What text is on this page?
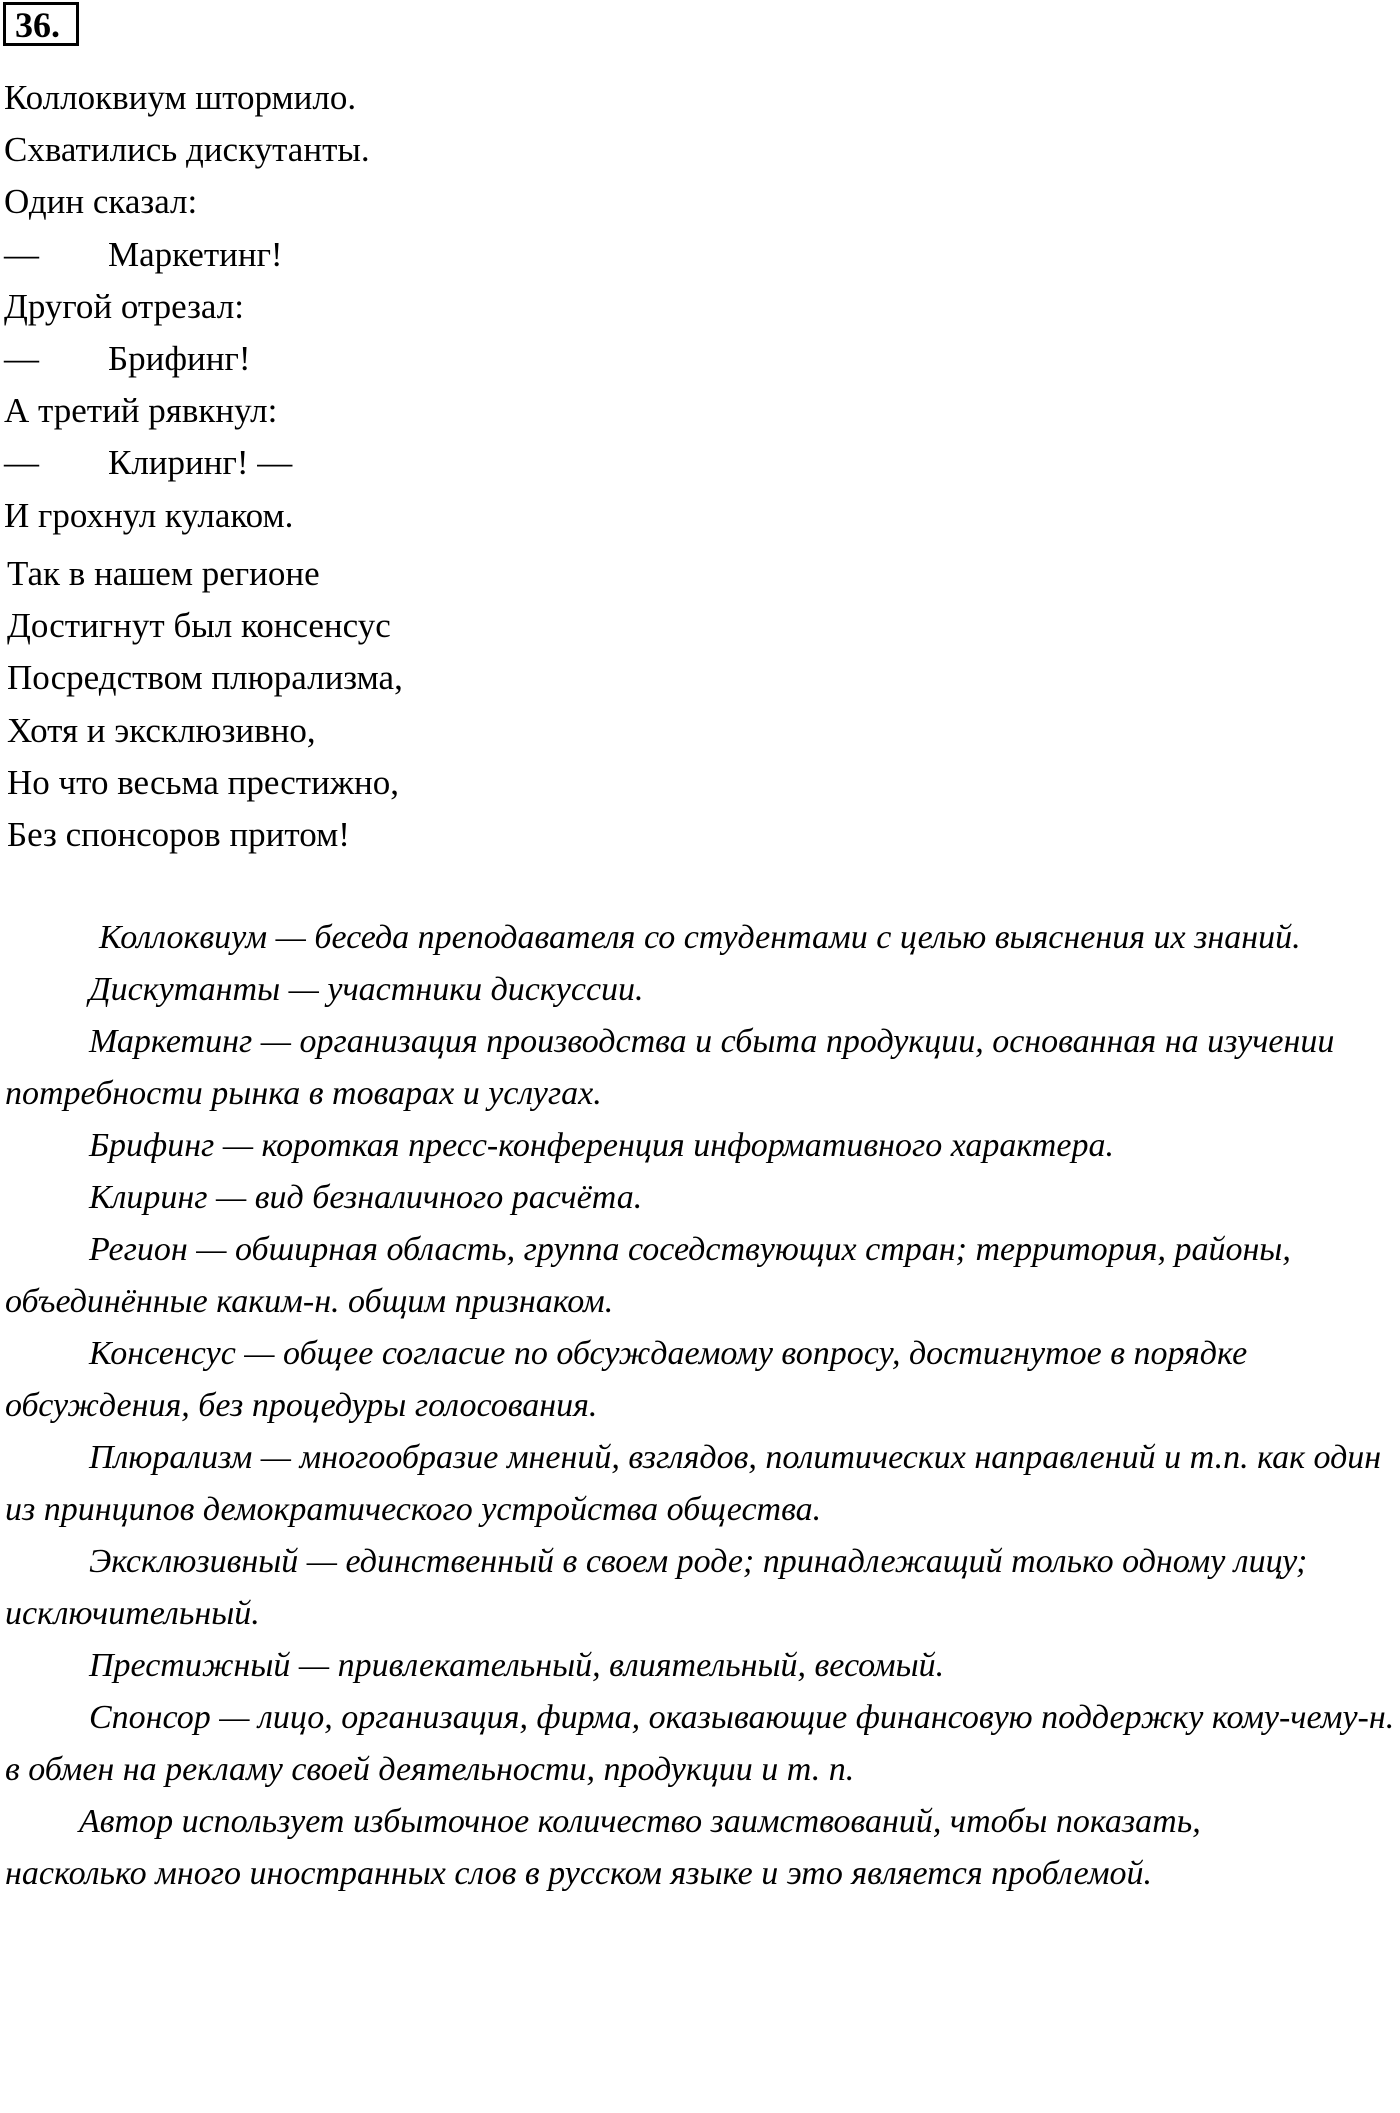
36.
Коллоквиум штормило.
Схватились дискутанты.
Один сказал:
— Маркетинг!
Другой отрезал:
— Брифинг!
А третий рявкнул:
— Клиринг! —
И грохнул кулаком.
Так в нашем регионе
Достигнут был консенсус
Посредством плюрализма,
Хотя и эксклюзивно,
Но что весьма престижно,
Без спонсоров притом!

Коллоквиум — беседа преподавателя со студентами с целью выяснения их знаний.

Дискутанты — участники дискуссии.

Маркетинг — организация производства и сбыта продукции, основанная на изучении потребности рынка в товарах и услугах.

Брифинг — короткая пресс-конференция информативного характера.

Клиринг — вид безналичного расчёта.

Регион — обширная область, группа соседствующих стран; территория, районы, объединённые каким-н. общим признаком.

Консенсус — общее согласие по обсуждаемому вопросу, достигнутое в порядке обсуждения, без процедуры голосования.

Плюрализм — многообразие мнений, взглядов, политических направлений и т.п. как один из принципов демократического устройства общества.

Эксклюзивный — единственный в своем роде; принадлежащий только одному лицу; исключительный.

Престижный — привлекательный, влиятельный, весомый.

Спонсор — лицо, организация, фирма, оказывающие финансовую поддержку кому-чему-н. в обмен на рекламу своей деятельности, продукции и т. п.

Автор использует избыточное количество заимствований, чтобы показать, насколько много иностранных слов в русском языке и это является проблемой.
